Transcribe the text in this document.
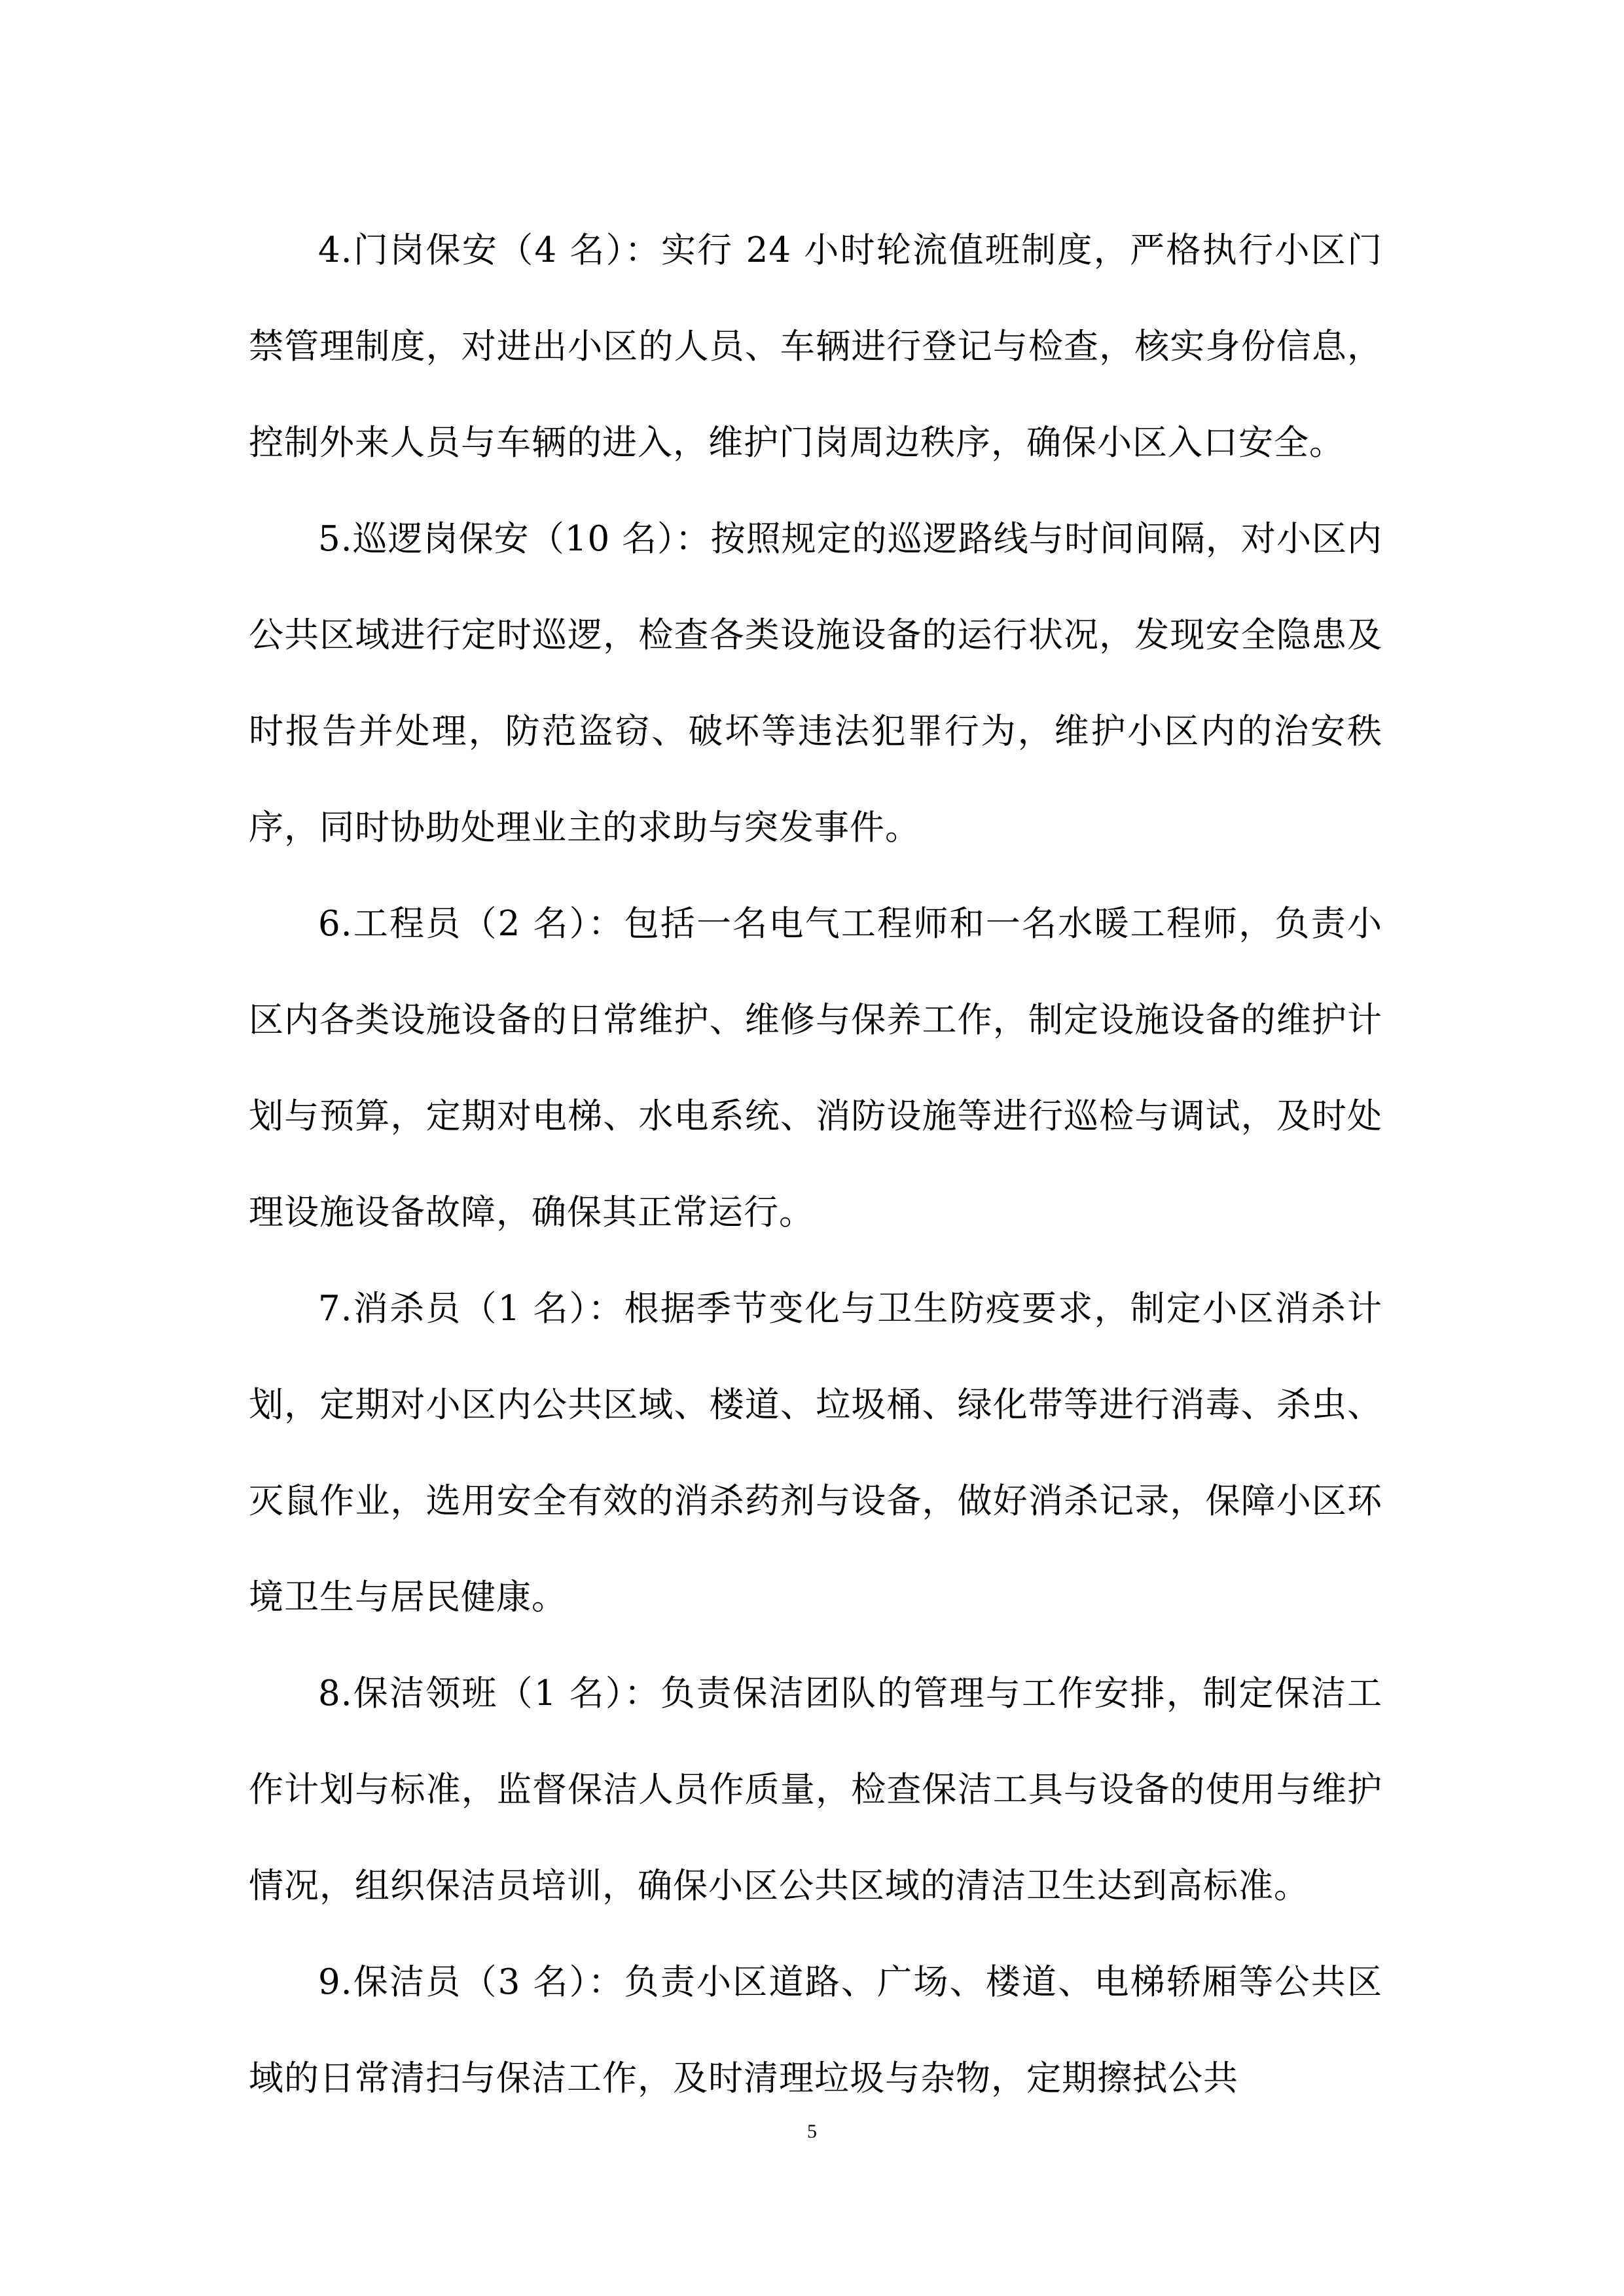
4.门岗保安（4 名）：实行 24 小时轮流值班制度，严格执行小区门禁管理制度，对进出小区的人员、车辆进行登记与检查，核实身份信息，控制外来人员与车辆的进入，维护门岗周边秩序，确保小区入口安全。

5.巡逻岗保安（10 名）：按照规定的巡逻路线与时间间隔，对小区内公共区域进行定时巡逻，检查各类设施设备的运行状况，发现安全隐患及时报告并处理，防范盗窃、破坏等违法犯罪行为，维护小区内的治安秩序，同时协助处理业主的求助与突发事件。

6.工程员（2 名）：包括一名电气工程师和一名水暖工程师，负责小区内各类设施设备的日常维护、维修与保养工作，制定设施设备的维护计划与预算，定期对电梯、水电系统、消防设施等进行巡检与调试，及时处理设施设备故障，确保其正常运行。

7.消杀员（1 名）：根据季节变化与卫生防疫要求，制定小区消杀计划，定期对小区内公共区域、楼道、垃圾桶、绿化带等进行消毒、杀虫、灭鼠作业，选用安全有效的消杀药剂与设备，做好消杀记录，保障小区环境卫生与居民健康。

8.保洁领班（1 名）：负责保洁团队的管理与工作安排，制定保洁工作计划与标准，监督保洁人员作质量，检查保洁工具与设备的使用与维护情况，组织保洁员培训，确保小区公共区域的清洁卫生达到高标准。

9.保洁员（3 名）：负责小区道路、广场、楼道、电梯轿厢等公共区域的日常清扫与保洁工作，及时清理垃圾与杂物，定期擦拭公共

5
